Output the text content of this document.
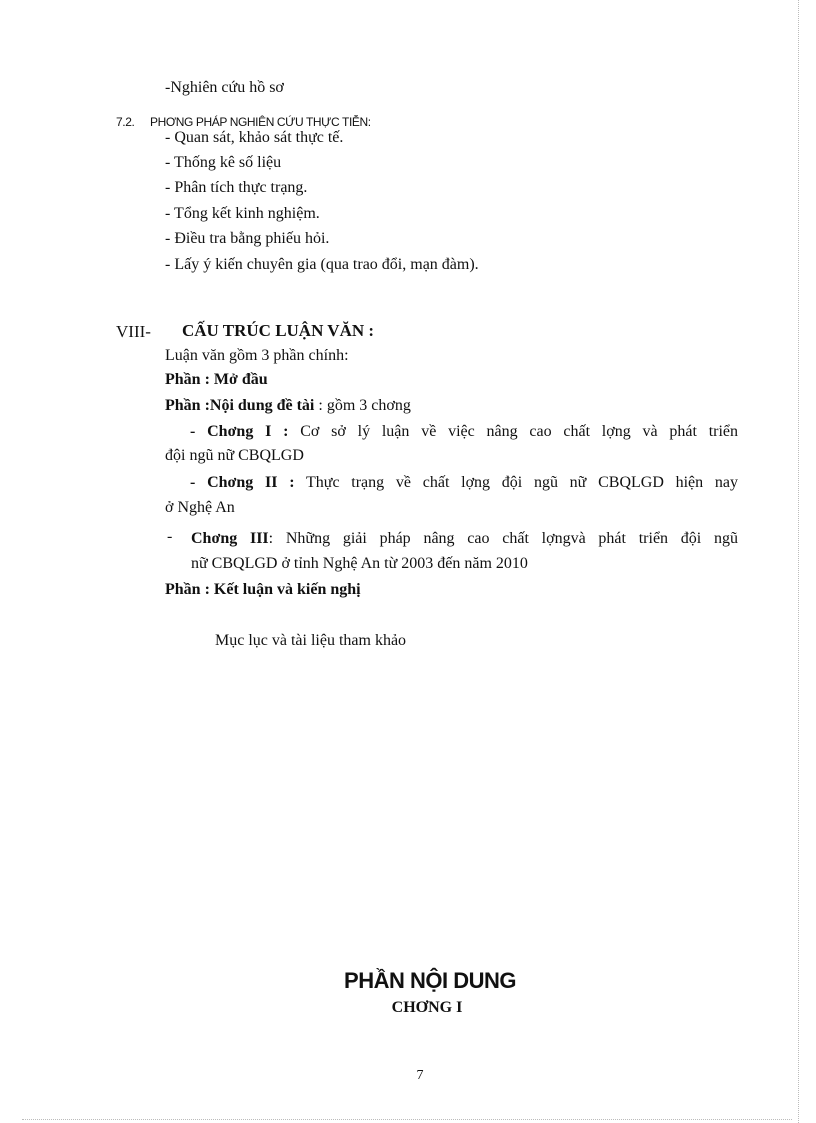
-Nghiên cứu hồ sơ
7.2. PHƠNG PHÁP NGHIÊN CỨU THỰC TIỄN:
- Quan sát, khảo sát thực tế.
- Thống kê số liệu
- Phân tích thực trạng.
- Tổng kết kinh nghiệm.
- Điều tra bằng phiếu hỏi.
- Lấy ý kiến chuyên gia (qua trao đổi, mạn đàm).
VIII- CẤU TRÚC LUẬN VĂN :
Luận văn gồm 3 phần chính:
Phần : Mở đầu
Phần :Nội dung đề tài : gồm 3 chơng
- Chơng I : Cơ sở lý luận về việc nâng cao chất lợng và phát triển
đội ngũ nữ CBQLGD
- Chơng II : Thực trạng về chất lợng đội ngũ nữ CBQLGD hiện nay
ở Nghệ An
- Chơng III: Những giải pháp nâng cao chất lợngvà phát triển đội ngũ
nữ CBQLGD ở tỉnh Nghệ An từ 2003 đến năm 2010
Phần : Kết luận và kiến nghị
Mục lục và tài liệu tham khảo
PHẦN NỘI DUNG
CHƠNG I
7
